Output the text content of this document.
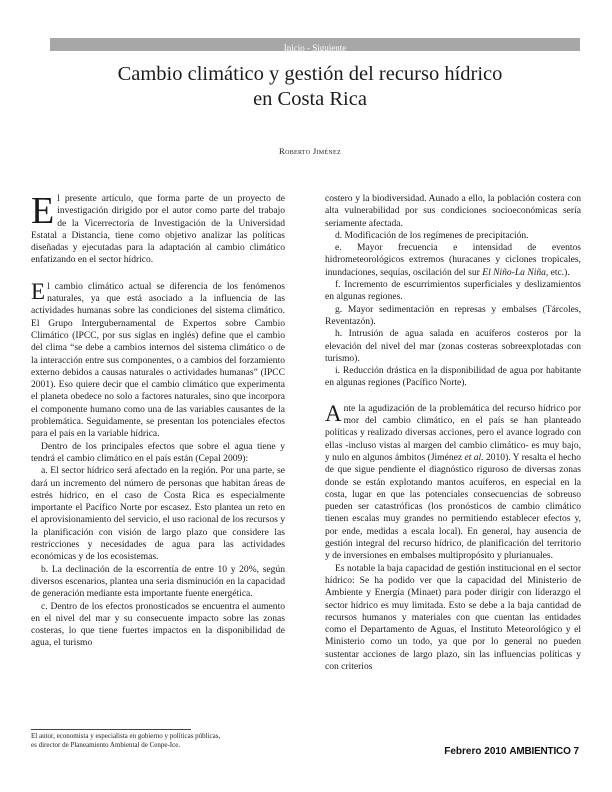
Inicio - Siguiente
Cambio climático y gestión del recurso hídrico
en Costa Rica
Roberto Jiménez

El presente artículo, que forma parte de un proyecto de investigación dirigido por el autor como parte del trabajo de la Vicerrectoría de Investigación de la Universidad Estatal a Distancia, tiene como objetivo analizar las políticas diseñadas y ejecutadas para la adaptación al cambio climático enfatizando en el sector hídrico.

El cambio climático actual se diferencia de los fenómenos naturales, ya que está asociado a la influencia de las actividades humanas sobre las condiciones del sistema climático. El Grupo Intergubernamental de Expertos sobre Cambio Climático (IPCC, por sus siglas en inglés) define que el cambio del clima “se debe a cambios internos del sistema climático o de la interacción entre sus componentes, o a cambios del forzamiento externo debidos a causas naturales o actividades humanas” (IPCC 2001). Eso quiere decir que el cambio climático que experimenta el planeta obedece no solo a factores naturales, sino que incorpora el componente humano como una de las variables causantes de la problemática. Seguidamente, se presentan los potenciales efectos para el país en la variable hídrica.

Dentro de los principales efectos que sobre el agua tiene y tendrá el cambio climático en el país están (Cepal 2009):

a. El sector hídrico será afectado en la región. Por una parte, se dará un incremento del número de personas que habitan áreas de estrés hídrico, en el caso de Costa Rica es especialmente importante el Pacífico Norte por escasez. Esto plantea un reto en el aprovisionamiento del servicio, el uso racional de los recursos y la planificación con visión de largo plazo que considere las restricciones y necesidades de agua para las actividades económicas y de los ecosistemas.

b. La declinación de la escorrentía de entre 10 y 20%, según diversos escenarios, plantea una seria disminución en la capacidad de generación mediante esta importante fuente energética.

c. Dentro de los efectos pronosticados se encuentra el aumento en el nivel del mar y su consecuente impacto sobre las zonas costeras, lo que tiene fuertes impactos en la disponibilidad de agua, el turismo

costero y la biodiversidad. Aunado a ello, la población costera con alta vulnerabilidad por sus condiciones socioeconómicas sería seriamente afectada.

d. Modificación de los regímenes de precipitación.

e. Mayor frecuencia e intensidad de eventos hidrometeorológicos extremos (huracanes y ciclones tropicales, inundaciones, sequías, oscilación del sur El Niño-La Niña, etc.).

f. Incremento de escurrimientos superficiales y deslizamientos en algunas regiones.

g. Mayor sedimentación en represas y embalses (Tárcoles, Reventazón).

h. Intrusión de agua salada en acuíferos costeros por la elevación del nivel del mar (zonas costeras sobreexplotadas con turismo).

i. Reducción drástica en la disponibilidad de agua por habitante en algunas regiones (Pacífico Norte).

Ante la agudización de la problemática del recurso hídrico por mor del cambio climático, en el país se han planteado políticas y realizado diversas acciones, pero el avance logrado con ellas -incluso vistas al margen del cambio climático- es muy bajo, y nulo en algunos ámbitos (Jiménez et al. 2010). Y resalta el hecho de que sigue pendiente el diagnóstico riguroso de diversas zonas donde se están explotando mantos acuíferos, en especial en la costa, lugar en que las potenciales consecuencias de sobreuso pueden ser catastróficas (los pronósticos de cambio climático tienen escalas muy grandes no permitiendo establecer efectos y, por ende, medidas a escala local). En general, hay ausencia de gestión integral del recurso hídrico, de planificación del territorio y de inversiones en embalses multipropósito y plurianuales.

Es notable la baja capacidad de gestión institucional en el sector hídrico: Se ha podido ver que la capacidad del Ministerio de Ambiente y Energía (Minaet) para poder dirigir con liderazgo el sector hídrico es muy limitada. Esto se debe a la baja cantidad de recursos humanos y materiales con que cuentan las entidades como el Departamento de Aguas, el Instituto Meteorológico y el Ministerio como un todo, ya que por lo general no pueden sustentar acciones de largo plazo, sin las influencias políticas y con criterios

El autor, economista y especialista en gobierno y políticas públicas,
es director de Planeamiento Ambiental de Cenpe-Ice.
Febrero 2010 AMBIENTICO 7
